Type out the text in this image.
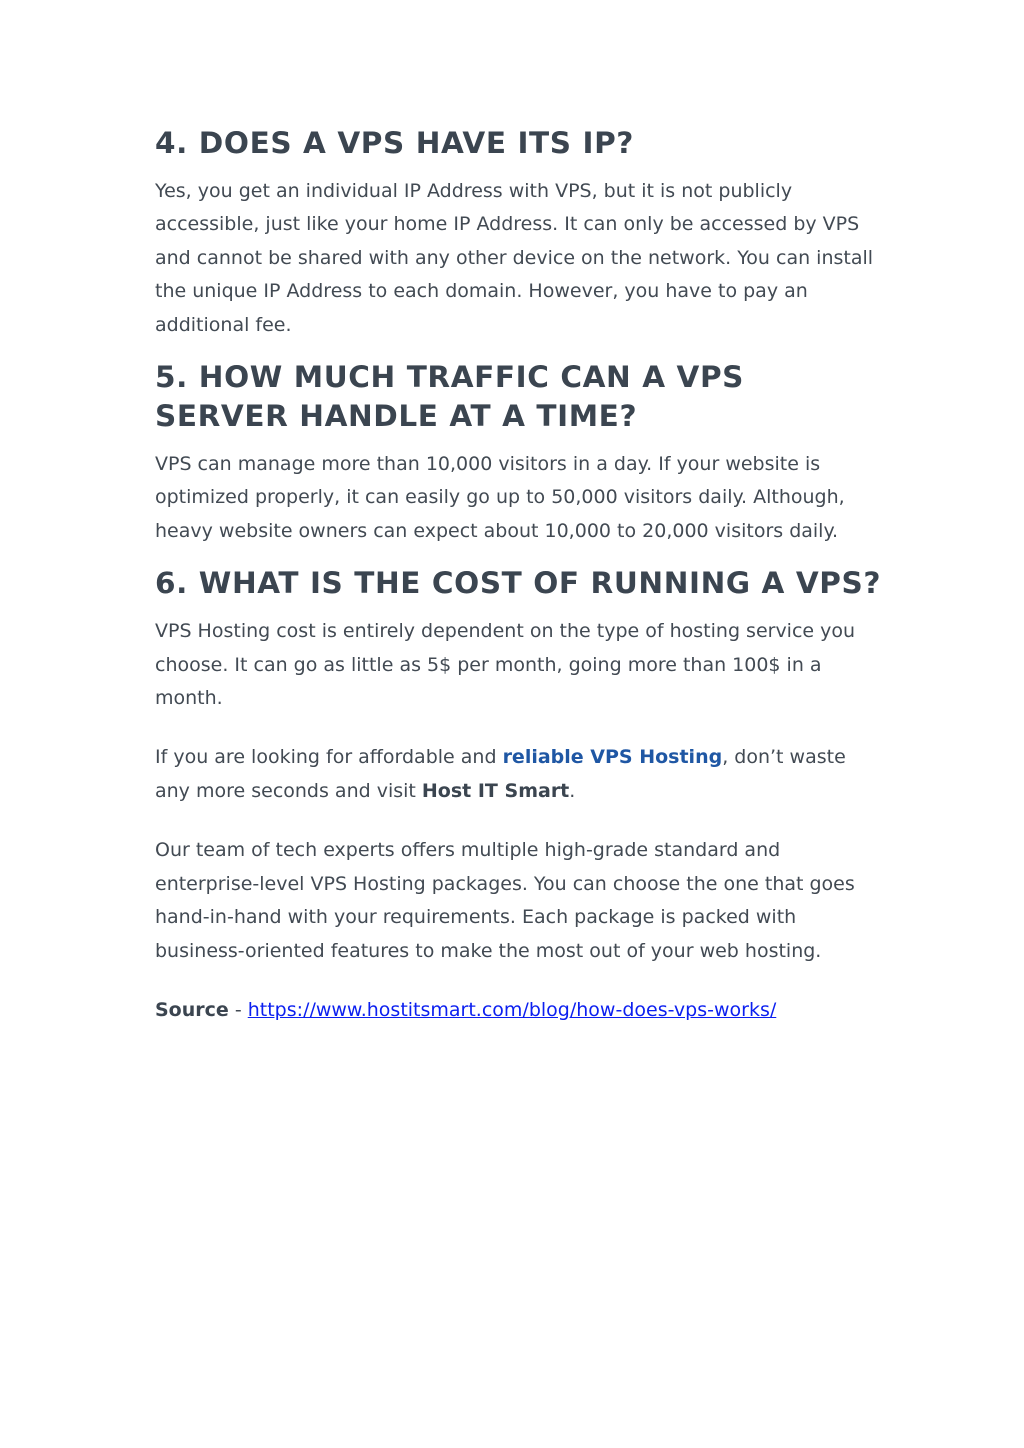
4. DOES A VPS HAVE ITS IP?

Yes, you get an individual IP Address with VPS, but it is not publicly accessible, just like your home IP Address. It can only be accessed by VPS and cannot be shared with any other device on the network. You can install the unique IP Address to each domain. However, you have to pay an additional fee.

5. HOW MUCH TRAFFIC CAN A VPS SERVER HANDLE AT A TIME?

VPS can manage more than 10,000 visitors in a day. If your website is optimized properly, it can easily go up to 50,000 visitors daily. Although, heavy website owners can expect about 10,000 to 20,000 visitors daily.

6. WHAT IS THE COST OF RUNNING A VPS?

VPS Hosting cost is entirely dependent on the type of hosting service you choose. It can go as little as 5$ per month, going more than 100$ in a month.

If you are looking for affordable and reliable VPS Hosting, don’t waste any more seconds and visit Host IT Smart.

Our team of tech experts offers multiple high-grade standard and enterprise-level VPS Hosting packages. You can choose the one that goes hand-in-hand with your requirements. Each package is packed with business-oriented features to make the most out of your web hosting.

Source - https://www.hostitsmart.com/blog/how-does-vps-works/
